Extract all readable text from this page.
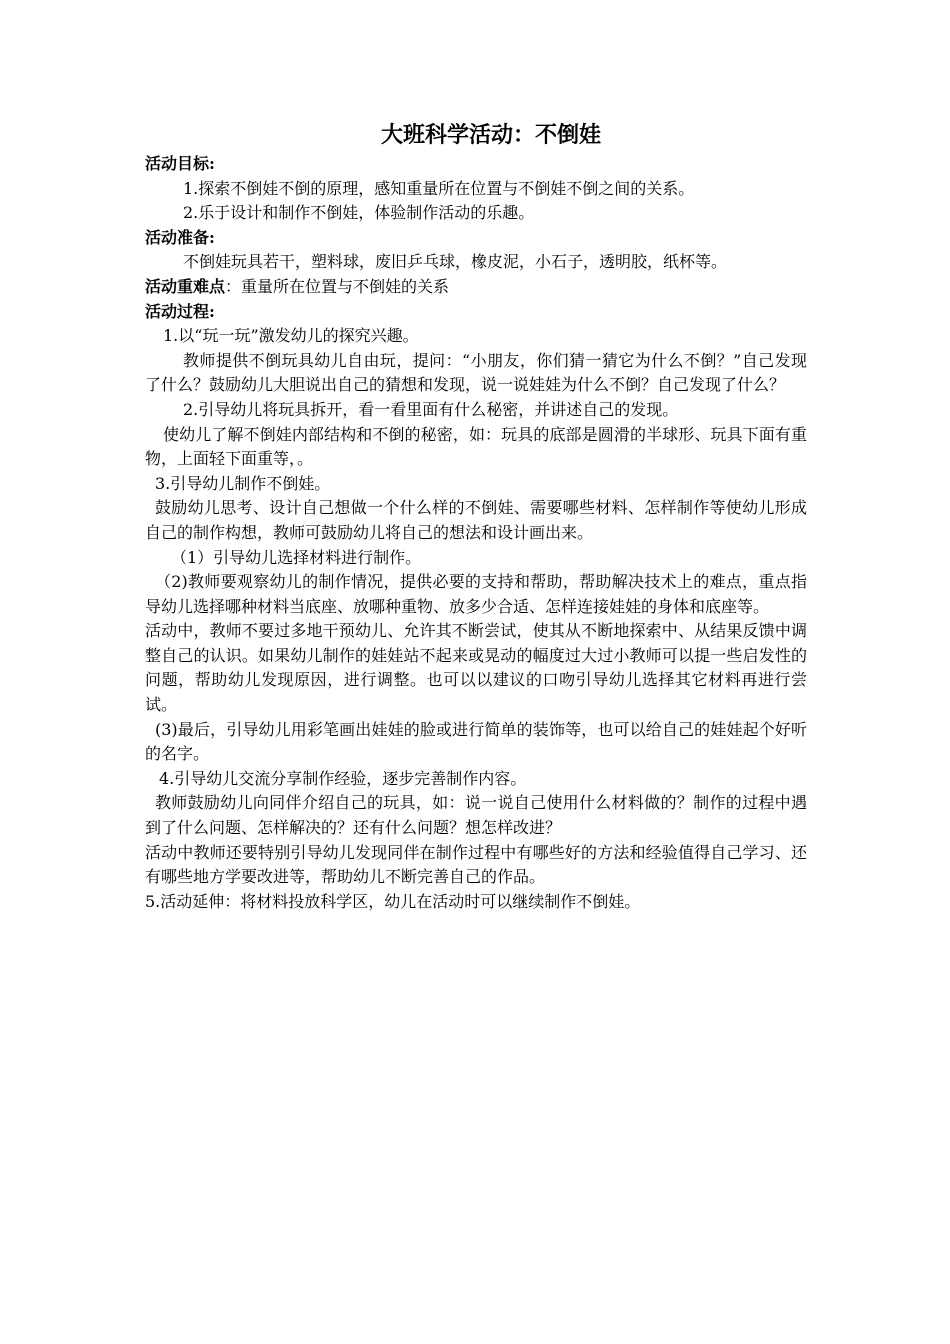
大班科学活动：不倒娃

活动目标:

1.探索不倒娃不倒的原理，感知重量所在位置与不倒娃不倒之间的关系。

2.乐于设计和制作不倒娃，体验制作活动的乐趣。

活动准备:

不倒娃玩具若干，塑料球，废旧乒乓球，橡皮泥，小石子，透明胶，纸杯等。

活动重难点：重量所在位置与不倒娃的关系

活动过程:

1.以“玩一玩”激发幼儿的探究兴趣。

教师提供不倒玩具幼儿自由玩，提问：“小朋友，你们猜一猜它为什么不倒？”自己发现了什么？鼓励幼儿大胆说出自己的猜想和发现，说一说娃娃为什么不倒？自己发现了什么？

2.引导幼儿将玩具拆开，看一看里面有什么秘密，并讲述自己的发现。

使幼儿了解不倒娃内部结构和不倒的秘密，如：玩具的底部是圆滑的半球形、玩具下面有重物，上面轻下面重等，。

3.引导幼儿制作不倒娃。

鼓励幼儿思考、设计自己想做一个什么样的不倒娃、需要哪些材料、怎样制作等使幼儿形成自己的制作构想，教师可鼓励幼儿将自己的想法和设计画出来。

（1）引导幼儿选择材料进行制作。

（2)教师要观察幼儿的制作情况，提供必要的支持和帮助，帮助解决技术上的难点，重点指导幼儿选择哪种材料当底座、放哪种重物、放多少合适、怎样连接娃娃的身体和底座等。

活动中，教师不要过多地干预幼儿、允许其不断尝试，使其从不断地探索中、从结果反馈中调整自己的认识。如果幼儿制作的娃娃站不起来或晃动的幅度过大过小教师可以提一些启发性的问题，帮助幼儿发现原因，进行调整。也可以以建议的口吻引导幼儿选择其它材料再进行尝试。

(3)最后，引导幼儿用彩笔画出娃娃的脸或进行简单的装饰等，也可以给自己的娃娃起个好听的名字。

4.引导幼儿交流分享制作经验，逐步完善制作内容。

教师鼓励幼儿向同伴介绍自己的玩具，如：说一说自己使用什么材料做的？制作的过程中遇到了什么问题、怎样解决的？还有什么问题？想怎样改进？

活动中教师还要特别引导幼儿发现同伴在制作过程中有哪些好的方法和经验值得自己学习、还有哪些地方学要改进等，帮助幼儿不断完善自己的作品。

5.活动延伸：将材料投放科学区，幼儿在活动时可以继续制作不倒娃。
